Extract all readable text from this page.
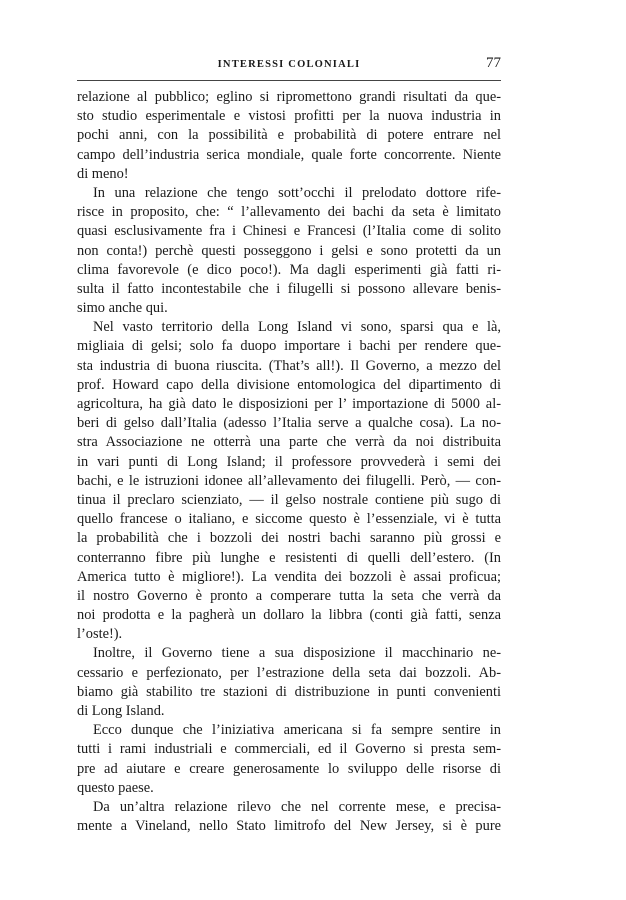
INTERESSI COLONIALI	77
relazione al pubblico; eglino si ripromettono grandi risultati da que-
sto studio esperimentale e vistosi profitti per la nuova industria in
pochi anni, con la possibilità e probabilità di potere entrare nel
campo dell’industria serica mondiale, quale forte concorrente. Niente
di meno!
In una relazione che tengo sott’occhi il prelodato dottore rife-
risce in proposito, che: “ l’allevamento dei bachi da seta è limitato
quasi esclusivamente fra i Chinesi e Francesi (l’Italia come di solito
non conta!) perchè questi posseggono i gelsi e sono protetti da un
clima favorevole (e dico poco!). Ma dagli esperimenti già fatti ri-
sulta il fatto incontestabile che i filugelli si possono allevare benis-
simo anche qui.
Nel vasto territorio della Long Island vi sono, sparsi qua e là,
migliaia di gelsi; solo fa duopo importare i bachi per rendere que-
sta industria di buona riuscita. (That’s all!). Il Governo, a mezzo del
prof. Howard capo della divisione entomologica del dipartimento di
agricoltura, ha già dato le disposizioni per l’ importazione di 5000 al-
beri di gelso dall’Italia (adesso l’Italia serve a qualche cosa). La no-
stra Associazione ne otterrà una parte che verrà da noi distribuita
in vari punti di Long Island; il professore provvederà i semi dei
bachi, e le istruzioni idonee all’allevamento dei filugelli. Però, — con-
tinua il preclaro scienziato, — il gelso nostrale contiene più sugo di
quello francese o italiano, e siccome questo è l’essenziale, vi è tutta
la probabilità che i bozzoli dei nostri bachi saranno più grossi e
conterranno fibre più lunghe e resistenti di quelli dell’estero. (In
America tutto è migliore!). La vendita dei bozzoli è assai proficua;
il nostro Governo è pronto a comperare tutta la seta che verrà da
noi prodotta e la pagherà un dollaro la libbra (conti già fatti, senza
l’oste!).
Inoltre, il Governo tiene a sua disposizione il macchinario ne-
cessario e perfezionato, per l’estrazione della seta dai bozzoli. Ab-
biamo già stabilito tre stazioni di distribuzione in punti convenienti
di Long Island.
Ecco dunque che l’iniziativa americana si fa sempre sentire in
tutti i rami industriali e commerciali, ed il Governo si presta sem-
pre ad aiutare e creare generosamente lo sviluppo delle risorse di
questo paese.
Da un’altra relazione rilevo che nel corrente mese, e precisa-
mente a Vineland, nello Stato limitrofo del New Jersey, si è pure
